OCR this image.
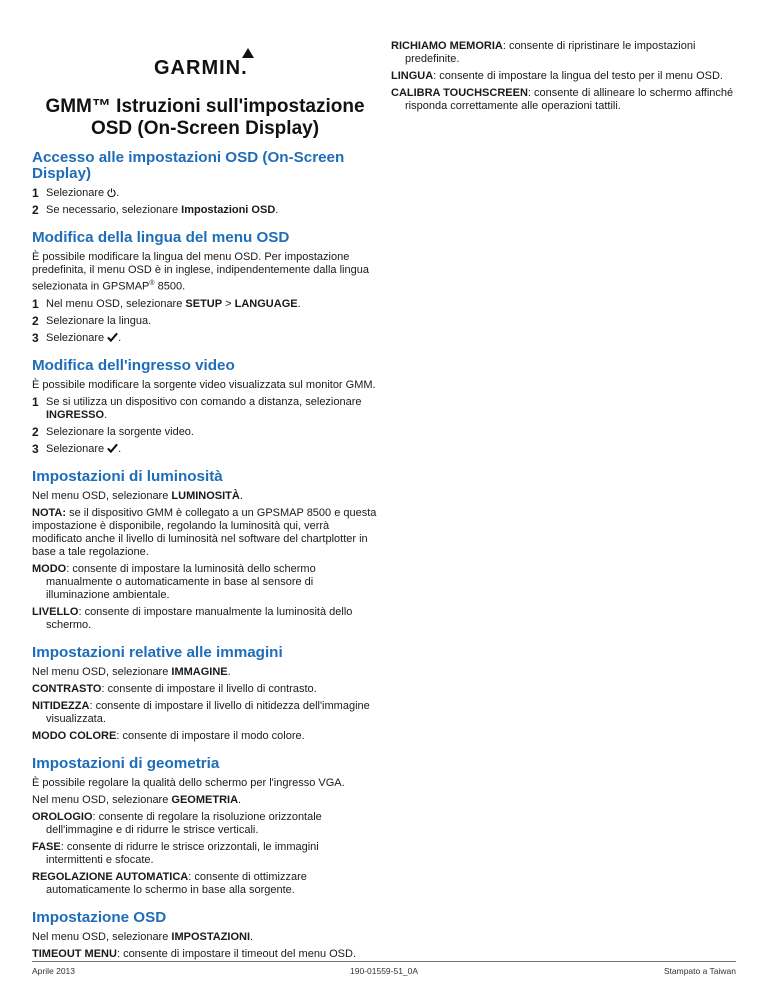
GARMIN.
GMM™ Istruzioni sull'impostazione
OSD (On-Screen Display)
Accesso alle impostazioni OSD (On-Screen Display)
1 Selezionare .
2 Se necessario, selezionare Impostazioni OSD.
Modifica della lingua del menu OSD

È possibile modificare la lingua del menu OSD. Per impostazione predefinita, il menu OSD è in inglese, indipendentemente dalla lingua selezionata in GPSMAP® 8500.

1 Nel menu OSD, selezionare SETUP > LANGUAGE.
2 Selezionare la lingua.
3 Selezionare .
Modifica dell'ingresso video

È possibile modificare la sorgente video visualizzata sul monitor GMM.

1 Se si utilizza un dispositivo con comando a distanza, selezionare INGRESSO.
2 Selezionare la sorgente video.
3 Selezionare .
Impostazioni di luminosità

Nel menu OSD, selezionare LUMINOSITÀ.

NOTA: se il dispositivo GMM è collegato a un GPSMAP 8500 e questa impostazione è disponibile, regolando la luminosità qui, verrà modificato anche il livello di luminosità nel software del chartplotter in base a tale regolazione.

MODO: consente di impostare la luminosità dello schermo manualmente o automaticamente in base al sensore di illuminazione ambientale.

LIVELLO: consente di impostare manualmente la luminosità dello schermo.

Impostazioni relative alle immagini

Nel menu OSD, selezionare IMMAGINE.

CONTRASTO: consente di impostare il livello di contrasto.

NITIDEZZA: consente di impostare il livello di nitidezza dell'immagine visualizzata.

MODO COLORE: consente di impostare il modo colore.

Impostazioni di geometria

È possibile regolare la qualità dello schermo per l'ingresso VGA.

Nel menu OSD, selezionare GEOMETRIA.

OROLOGIO: consente di regolare la risoluzione orizzontale dell'immagine e di ridurre le strisce verticali.

FASE: consente di ridurre le strisce orizzontali, le immagini intermittenti e sfocate.

REGOLAZIONE AUTOMATICA: consente di ottimizzare automaticamente lo schermo in base alla sorgente.

Impostazione OSD

Nel menu OSD, selezionare IMPOSTAZIONI.

TIMEOUT MENU: consente di impostare il timeout del menu OSD.

RICHIAMO MEMORIA: consente di ripristinare le impostazioni predefinite.

LINGUA: consente di impostare la lingua del testo per il menu OSD.

CALIBRA TOUCHSCREEN: consente di allineare lo schermo affinché risponda correttamente alle operazioni tattili.

Aprile 2013	190-01559-51_0A	Stampato a Taiwan
